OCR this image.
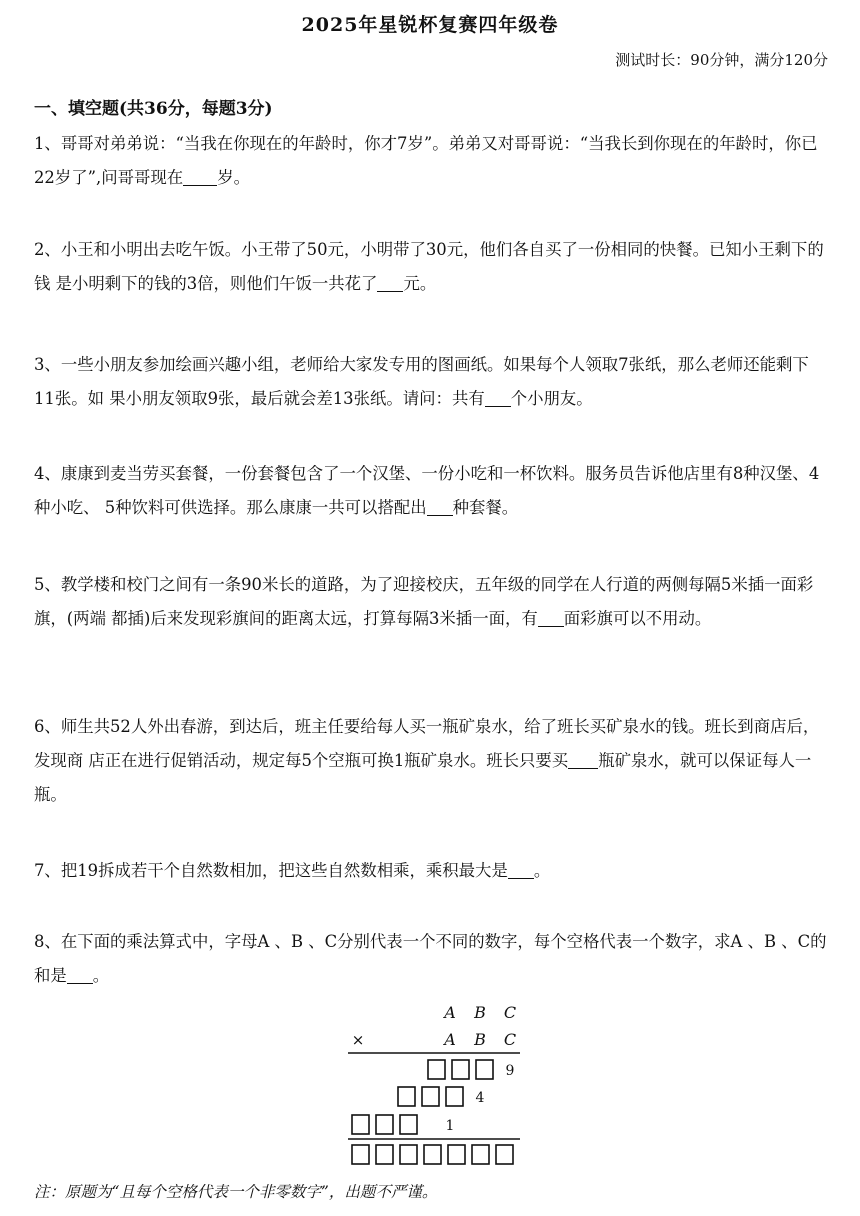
2025年星锐杯复赛四年级卷
测试时长：90分钟，满分120分
一、填空题(共36分，每题3分)

1、哥哥对弟弟说：“当我在你现在的年龄时，你才7岁”。弟弟又对哥哥说：“当我长到你现在的年龄时，你已22岁了”,问哥哥现在 岁。

2、小王和小明出去吃午饭。小王带了50元，小明带了30元，他们各自买了一份相同的快餐。已知小王剩下的钱 是小明剩下的钱的3倍，则他们午饭一共花了 元。

3、一些小朋友参加绘画兴趣小组，老师给大家发专用的图画纸。如果每个人领取7张纸，那么老师还能剩下11张。如 果小朋友领取9张，最后就会差13张纸。请问：共有 个小朋友。

4、康康到麦当劳买套餐，一份套餐包含了一个汉堡、一份小吃和一杯饮料。服务员告诉他店里有8种汉堡、4种小吃、 5种饮料可供选择。那么康康一共可以搭配出 种套餐。

5、教学楼和校门之间有一条90米长的道路，为了迎接校庆，五年级的同学在人行道的两侧每隔5米插一面彩旗，(两端 都插)后来发现彩旗间的距离太远，打算每隔3米插一面，有 面彩旗可以不用动。

6、师生共52人外出春游，到达后，班主任要给每人买一瓶矿泉水，给了班长买矿泉水的钱。班长到商店后，发现商 店正在进行促销活动，规定每5个空瓶可换1瓶矿泉水。班长只要买 瓶矿泉水，就可以保证每人一瓶。

7、把19拆成若干个自然数相加，把这些自然数相乘，乘积最大是 。

8、在下面的乘法算式中，字母A 、B 、C分别代表一个不同的数字，每个空格代表一个数字，求A 、B 、C的和是 。

A B C
A B C
×
9
4
1
注：原题为“且每个空格代表一个非零数字”，出题不严谨。
